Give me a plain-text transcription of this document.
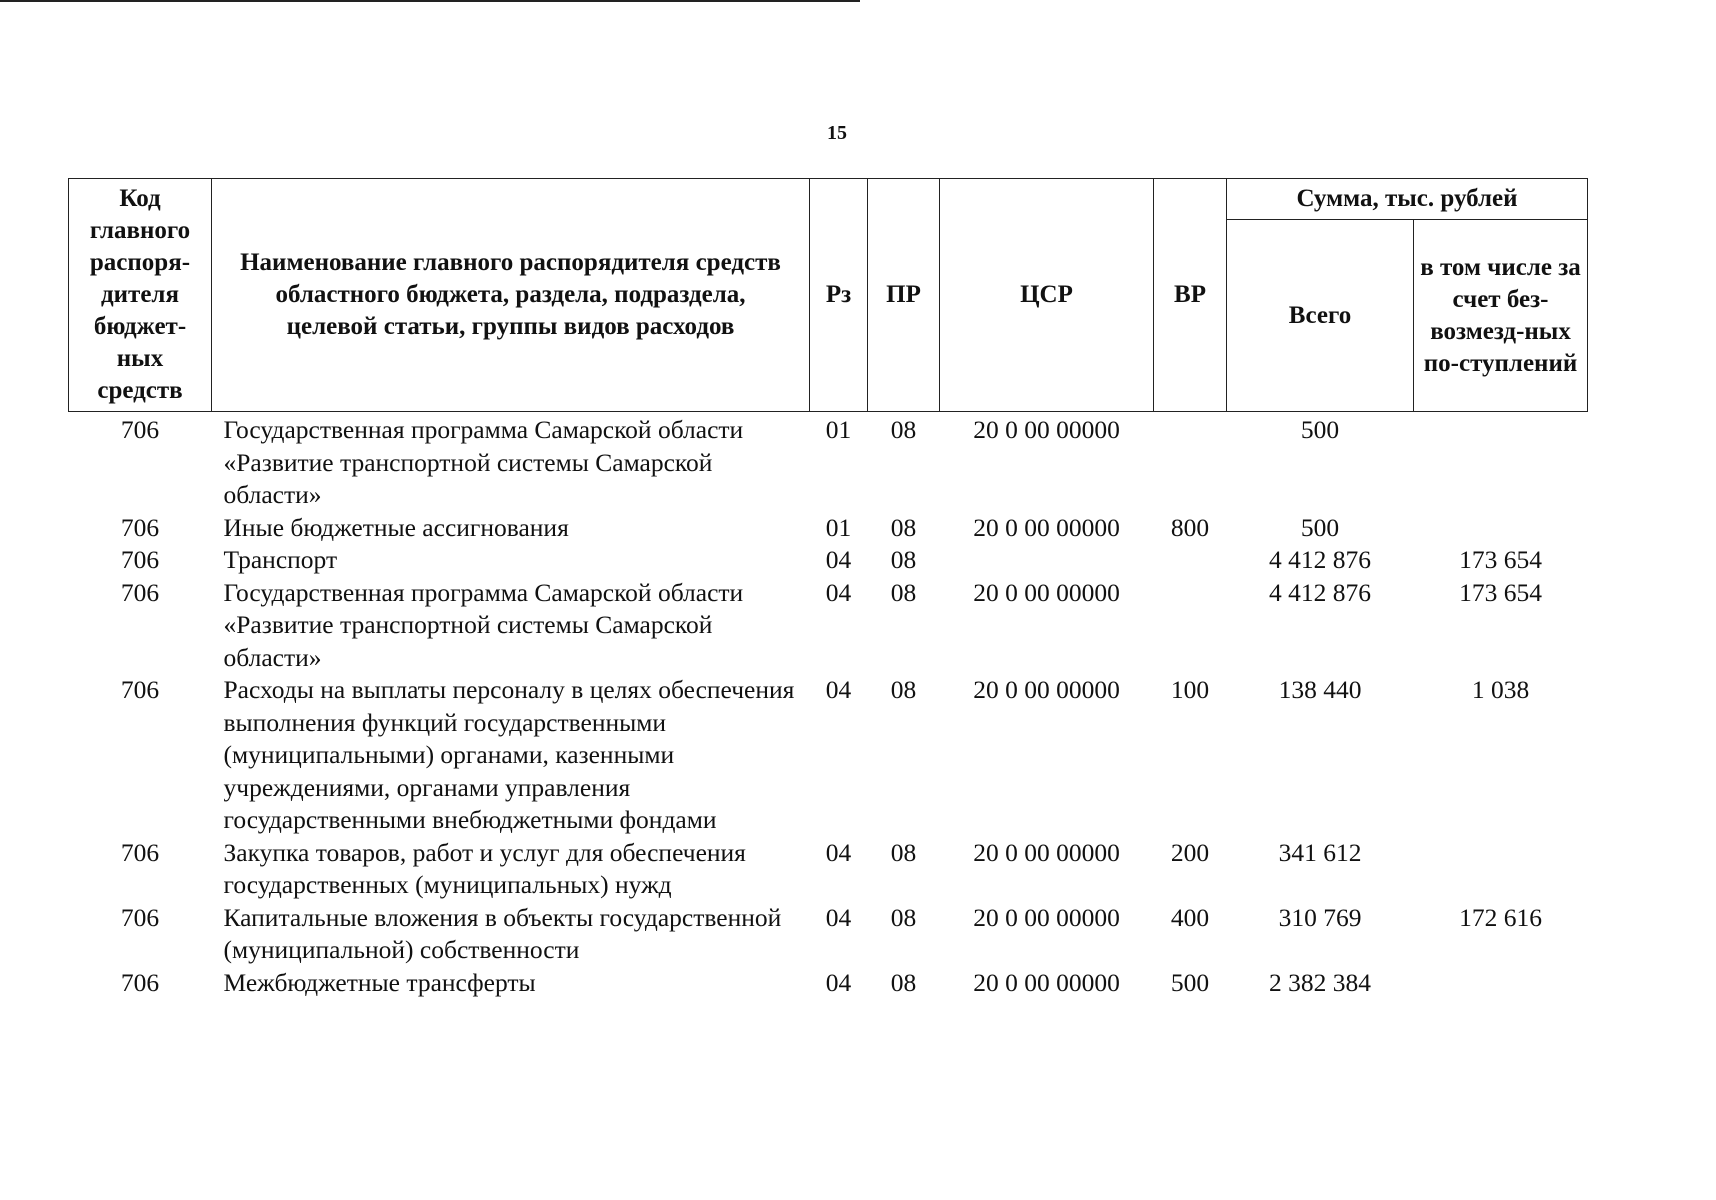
15
Код главного распоря-дителя бюджет-ных средств	Наименование главного распорядителя средств областного бюджета, раздела, подраздела, целевой статьи, группы видов расходов	Рз	ПР	ЦСР	ВР	Сумма, тыс. рублей	
						Всего	в том числе за счет без-возмезд-ных по-ступлений
706	Государственная программа Самарской области «Развитие транспортной системы Самарской области»	01	08	20 0 00 00000		500	
706	Иные бюджетные ассигнования	01	08	20 0 00 00000	800	500	
706	Транспорт	04	08			4 412 876	173 654
706	Государственная программа Самарской области «Развитие транспортной системы Самарской области»	04	08	20 0 00 00000		4 412 876	173 654
706	Расходы на выплаты персоналу в целях обеспечения выполнения функций государственными (муниципальными) органами, казенными учреждениями, органами управления государственными внебюджетными фондами	04	08	20 0 00 00000	100	138 440	1 038
706	Закупка товаров, работ и услуг для обеспечения государственных (муниципальных) нужд	04	08	20 0 00 00000	200	341 612	
706	Капитальные вложения в объекты государственной (муниципальной) собственности	04	08	20 0 00 00000	400	310 769	172 616
706	Межбюджетные трансферты	04	08	20 0 00 00000	500	2 382 384	
